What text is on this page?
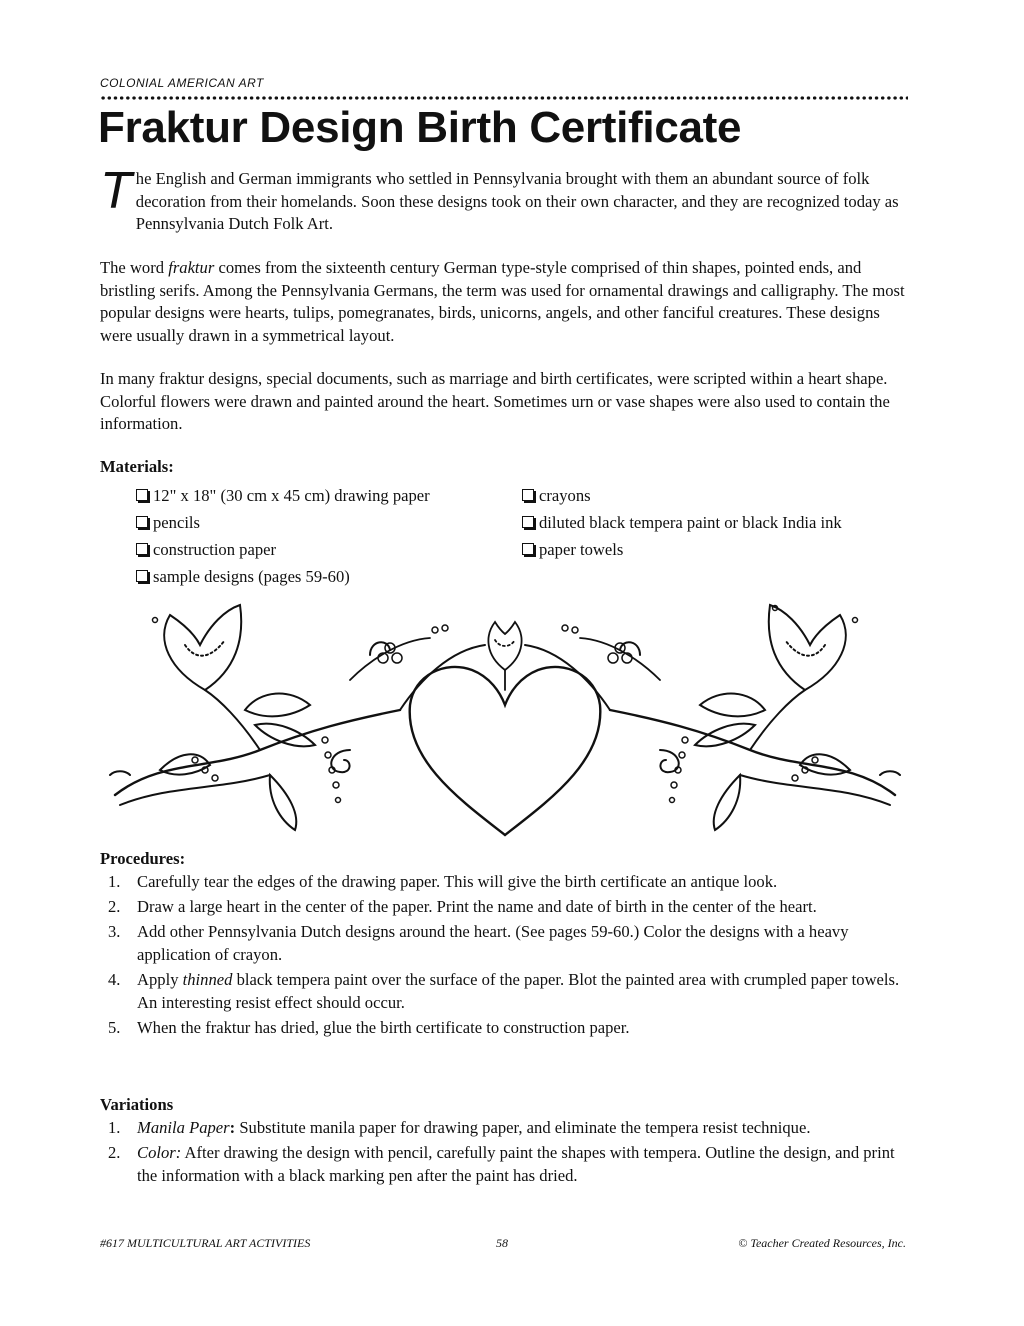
COLONIAL AMERICAN ART
Fraktur Design Birth Certificate
The English and German immigrants who settled in Pennsylvania brought with them an abundant source of folk decoration from their homelands. Soon these designs took on their own character, and they are recognized today as Pennsylvania Dutch Folk Art.
The word fraktur comes from the sixteenth century German type-style comprised of thin shapes, pointed ends, and bristling serifs. Among the Pennsylvania Germans, the term was used for ornamental drawings and calligraphy. The most popular designs were hearts, tulips, pomegranates, birds, unicorns, angels, and other fanciful creatures. These designs were usually drawn in a symmetrical layout.
In many fraktur designs, special documents, such as marriage and birth certificates, were scripted within a heart shape. Colorful flowers were drawn and painted around the heart. Sometimes urn or vase shapes were also used to contain the information.
Materials:
12" x 18" (30 cm x 45 cm) drawing paper
pencils
construction paper
sample designs (pages 59-60)
crayons
diluted black tempera paint or black India ink
paper towels
Procedures:
1. Carefully tear the edges of the drawing paper. This will give the birth certificate an antique look.
2. Draw a large heart in the center of the paper. Print the name and date of birth in the center of the heart.
3. Add other Pennsylvania Dutch designs around the heart. (See pages 59-60.) Color the designs with a heavy application of crayon.
4. Apply thinned black tempera paint over the surface of the paper. Blot the painted area with crumpled paper towels. An interesting resist effect should occur.
5. When the fraktur has dried, glue the birth certificate to construction paper.
Variations
1. Manila Paper: Substitute manila paper for drawing paper, and eliminate the tempera resist technique.
2. Color: After drawing the design with pencil, carefully paint the shapes with tempera. Outline the design, and print the information with a black marking pen after the paint has dried.
#617 MULTICULTURAL ART ACTIVITIES	58	© Teacher Created Resources, Inc.
